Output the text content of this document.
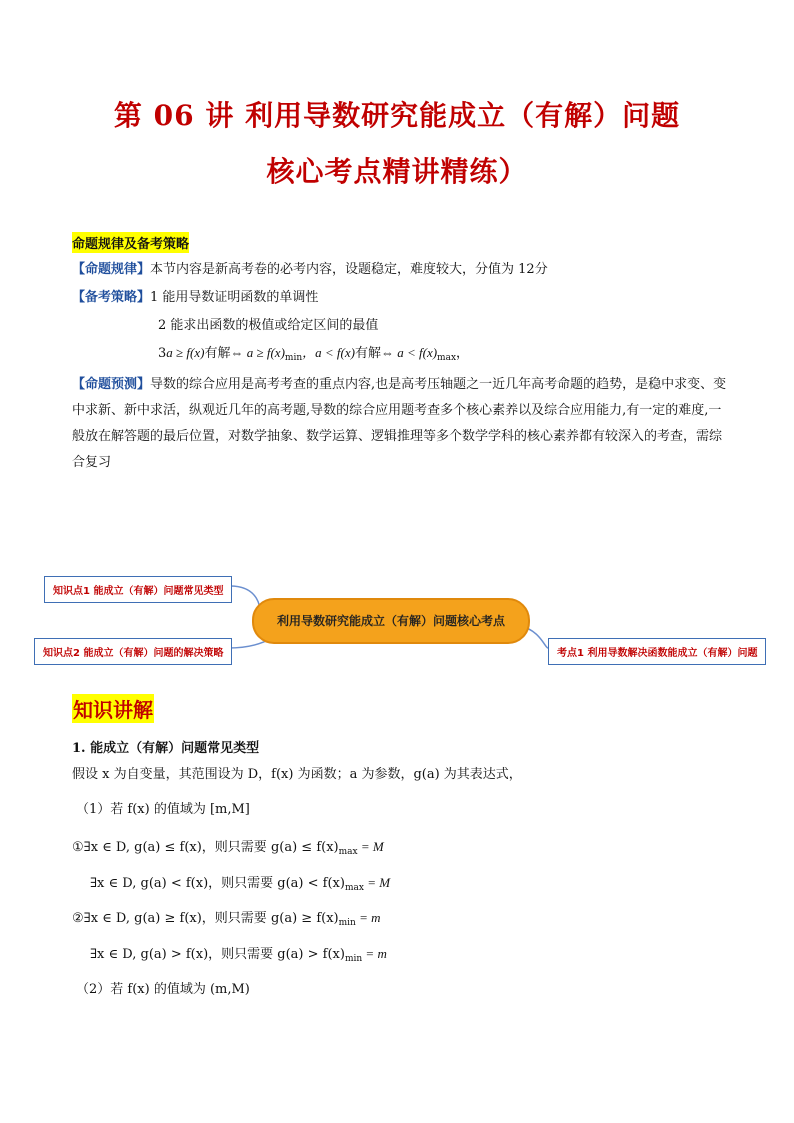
第 06 讲 利用导数研究能成立（有解）问题
核心考点精讲精练）
命题规律及备考策略
【命题规律】本节内容是新高考卷的必考内容，设题稳定，难度较大，分值为 12分
【备考策略】1 能用导数证明函数的单调性
2 能求出函数的极值或给定区间的最值
3a ≥ f(x)有解⇔ $a \ge f(x)_{min}$，a < f(x)有解⇔ $a < f(x)_{max}$，
【命题预测】导数的综合应用是高考考查的重点内容,也是高考压轴题之一近几年高考命题的趋势，是稳中求变、变中求新、新中求活，纵观近几年的高考题,导数的综合应用题考查多个核心素养以及综合应用能力,有一定的难度,一般放在解答题的最后位置，对数学抽象、数学运算、逻辑推理等多个数学学科的核心素养都有较深入的考查，需综合复习
知识点1 能成立（有解）问题常见类型
知识点2 能成立（有解）问题的解决策略
利用导数研究能成立（有解）问题核心考点
考点1 利用导数解决函数能成立（有解）问题
知识讲解
1. 能成立（有解）问题常见类型
假设 x 为自变量，其范围设为 D，f(x) 为函数；a 为参数，g(a) 为其表达式，
（1）若 f(x) 的值域为 [m,M]
①∃x ∈ D, g(a) ≤ f(x)，则只需要 $g(a) \le f(x)_{max} = M$
∃x ∈ D, g(a) < f(x)，则只需要 $g(a) < f(x)_{max} = M$
②∃x ∈ D, g(a) ≥ f(x)，则只需要 $g(a) \ge f(x)_{min} = m$
∃x ∈ D, g(a) > f(x)，则只需要 $g(a) > f(x)_{min} = m$
（2）若 f(x) 的值域为 (m,M)
